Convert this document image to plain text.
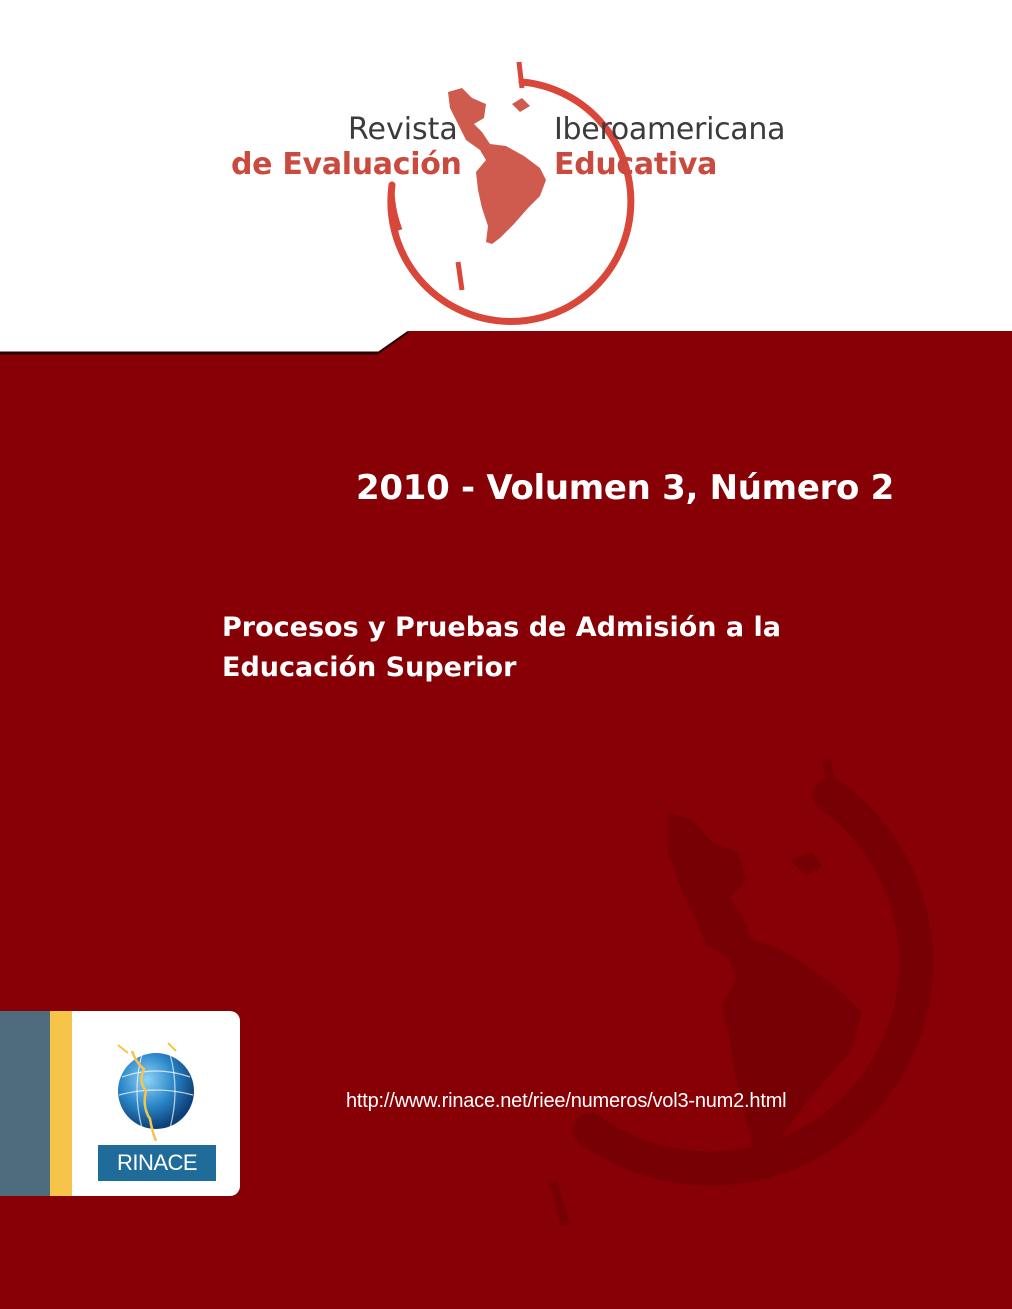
Revista	Iberoamericana
de Evaluación	Educativa
2010 - Volumen 3, Número 2
Procesos y Pruebas de Admisión a la
Educación Superior
http://www.rinace.net/riee/numeros/vol3-num2.html
RINACE
